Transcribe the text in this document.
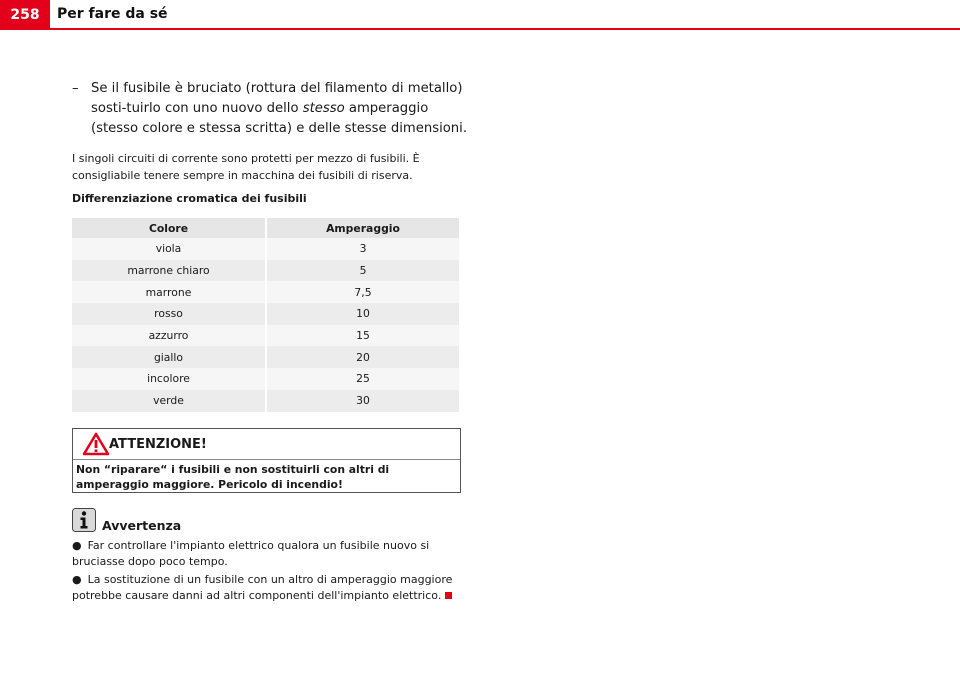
258	Per fare da sé
– Se il fusibile è bruciato (rottura del filamento di metallo) sosti-tuirlo con uno nuovo dello stesso amperaggio (stesso colore e stessa scritta) e delle stesse dimensioni.
I singoli circuiti di corrente sono protetti per mezzo di fusibili. È consigliabile tenere sempre in macchina dei fusibili di riserva.
Differenziazione cromatica dei fusibili
Colore	Amperaggio
viola	3
marrone chiaro	5
marrone	7,5
rosso	10
azzurro	15
giallo	20
incolore	25
verde	30
ATTENZIONE!
Non “riparare“ i fusibili e non sostituirli con altri di amperaggio maggiore. Pericolo di incendio!
Avvertenza
● Far controllare l'impianto elettrico qualora un fusibile nuovo si bruciasse dopo poco tempo.
● La sostituzione di un fusibile con un altro di amperaggio maggiore potrebbe causare danni ad altri componenti dell'impianto elettrico.
